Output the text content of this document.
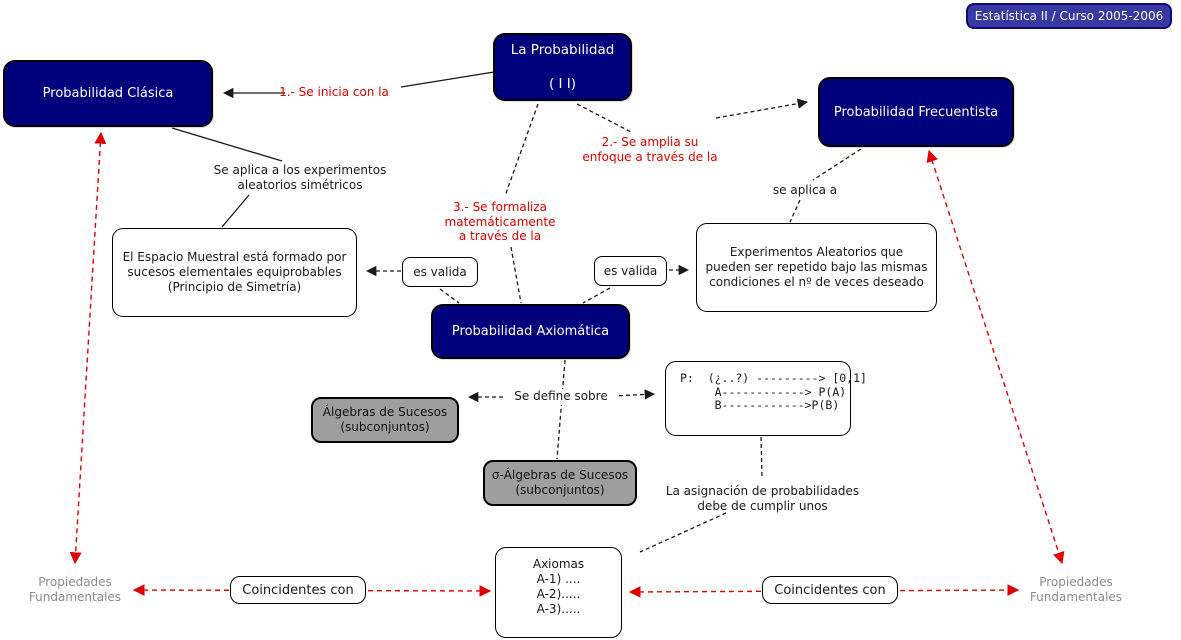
Estatística II / Curso 2005-2006
La Probabilidad
( I I)
Probabilidad Clásica
Probabilidad Frecuentista
Probabilidad Axiomática
El Espacio Muestral está formado por
sucesos elementales equiprobables
(Principio de Simetría)
Experimentos Aleatorios que
pueden ser repetido bajo las mismas
condiciones el nº de veces deseado
es valida	es valida
P:  (¿..?) ---------> [0,1]
A------------> P(A)
B------------>P(B)
Axiomas
A-1) ....
A-2).....
A-3).....
Coincidentes con	Coincidentes con
Álgebras de Sucesos
(subconjuntos)
σ-Álgebras de Sucesos
(subconjuntos)
1.- Se inicia con la
2.- Se amplia su
enfoque a través de la
3.- Se formaliza
matemáticamente
a través de la
Se aplica a los experimentos
aleatorios simétricos	se aplica a
Se define sobre
La asignación de probabilidades
debe de cumplir unos
Propiedades
Fundamentales
Propiedades
Fundamentales
